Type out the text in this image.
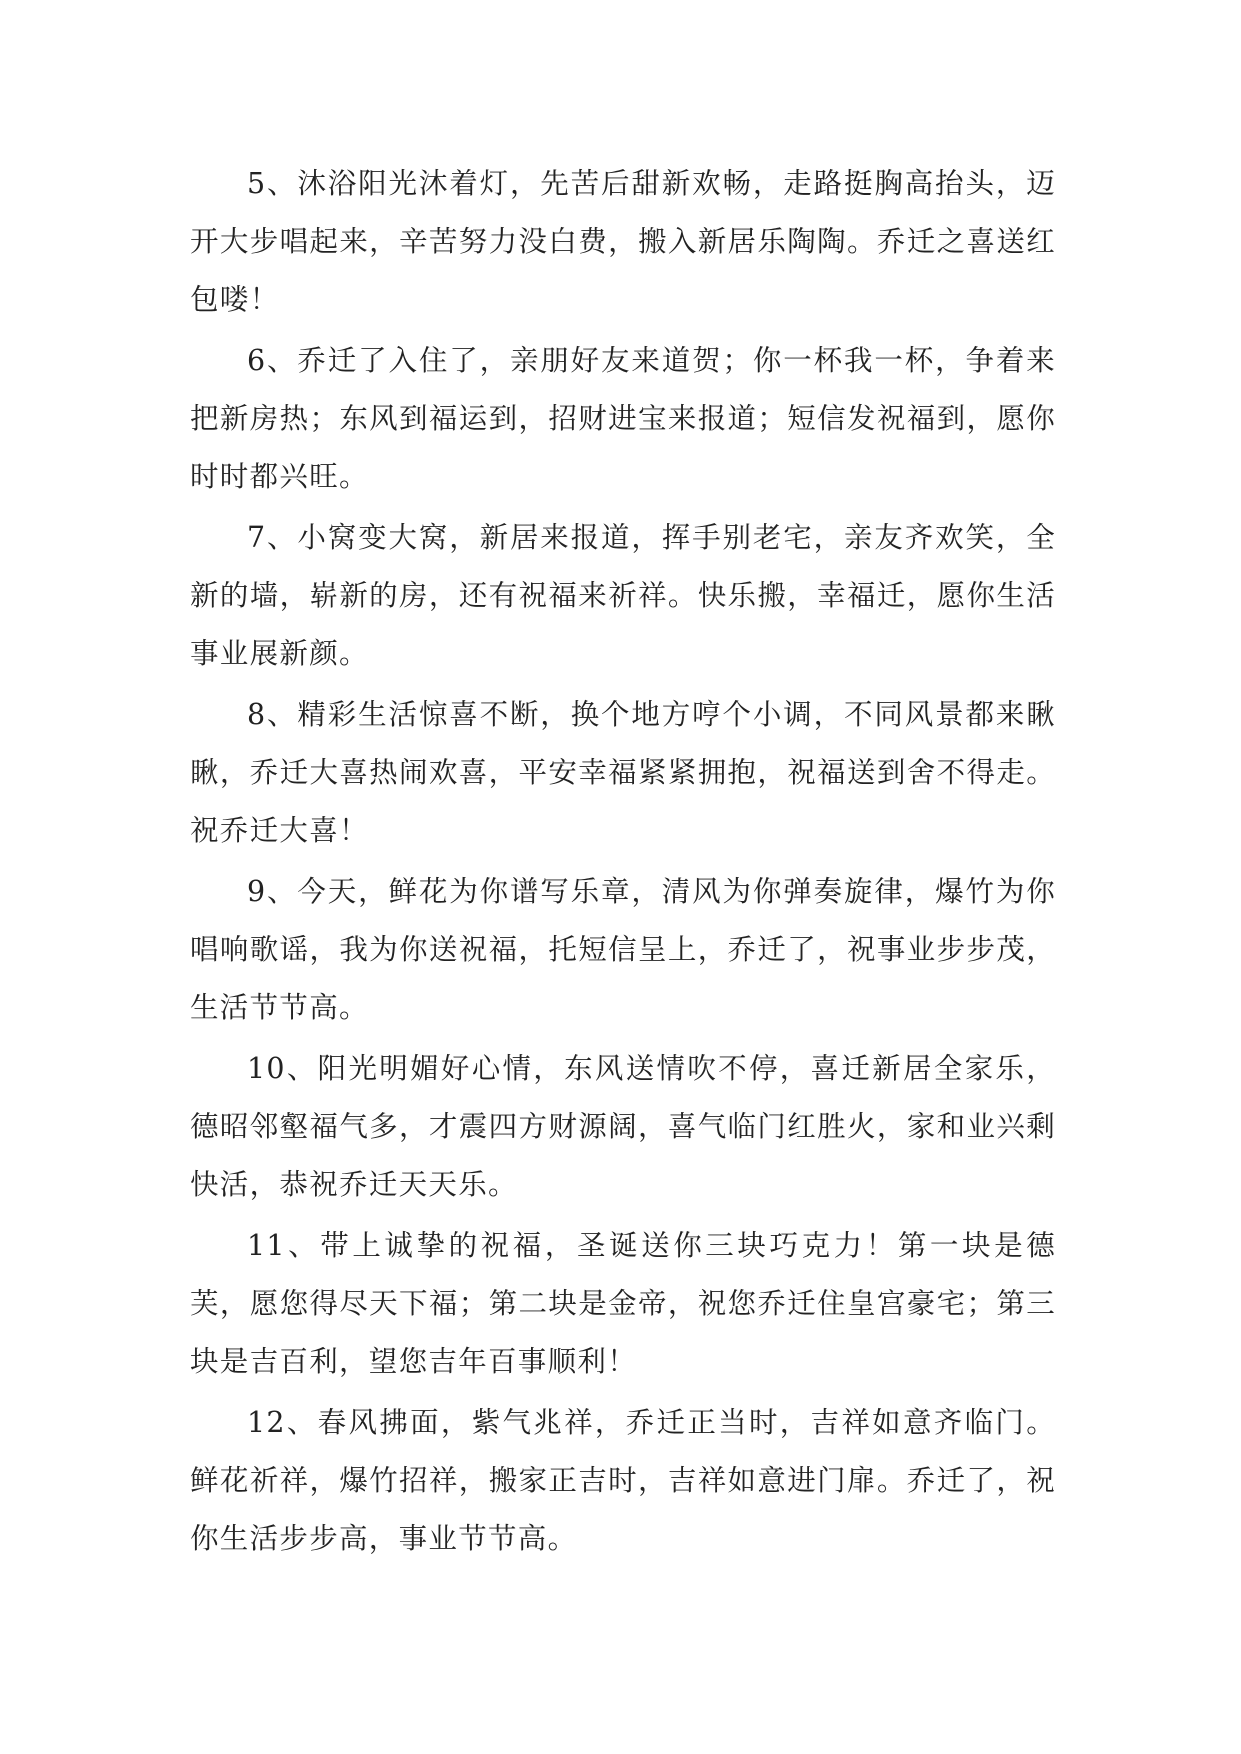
5、沐浴阳光沐着灯，先苦后甜新欢畅，走路挺胸高抬头，迈开大步唱起来，辛苦努力没白费，搬入新居乐陶陶。乔迁之喜送红包喽！

6、乔迁了入住了，亲朋好友来道贺；你一杯我一杯，争着来把新房热；东风到福运到，招财进宝来报道；短信发祝福到，愿你时时都兴旺。

7、小窝变大窝，新居来报道，挥手别老宅，亲友齐欢笑，全新的墙，崭新的房，还有祝福来祈祥。快乐搬，幸福迁，愿你生活事业展新颜。

8、精彩生活惊喜不断，换个地方哼个小调，不同风景都来瞅瞅，乔迁大喜热闹欢喜，平安幸福紧紧拥抱，祝福送到舍不得走。祝乔迁大喜！

9、今天，鲜花为你谱写乐章，清风为你弹奏旋律，爆竹为你唱响歌谣，我为你送祝福，托短信呈上，乔迁了，祝事业步步茂，生活节节高。

10、阳光明媚好心情，东风送情吹不停，喜迁新居全家乐，德昭邻壑福气多，才震四方财源阔，喜气临门红胜火，家和业兴剩快活，恭祝乔迁天天乐。

11、带上诚挚的祝福，圣诞送你三块巧克力！第一块是德芙，愿您得尽天下福；第二块是金帝，祝您乔迁住皇宫豪宅；第三块是吉百利，望您吉年百事顺利！

12、春风拂面，紫气兆祥，乔迁正当时，吉祥如意齐临门。鲜花祈祥，爆竹招祥，搬家正吉时，吉祥如意进门扉。乔迁了，祝你生活步步高，事业节节高。
